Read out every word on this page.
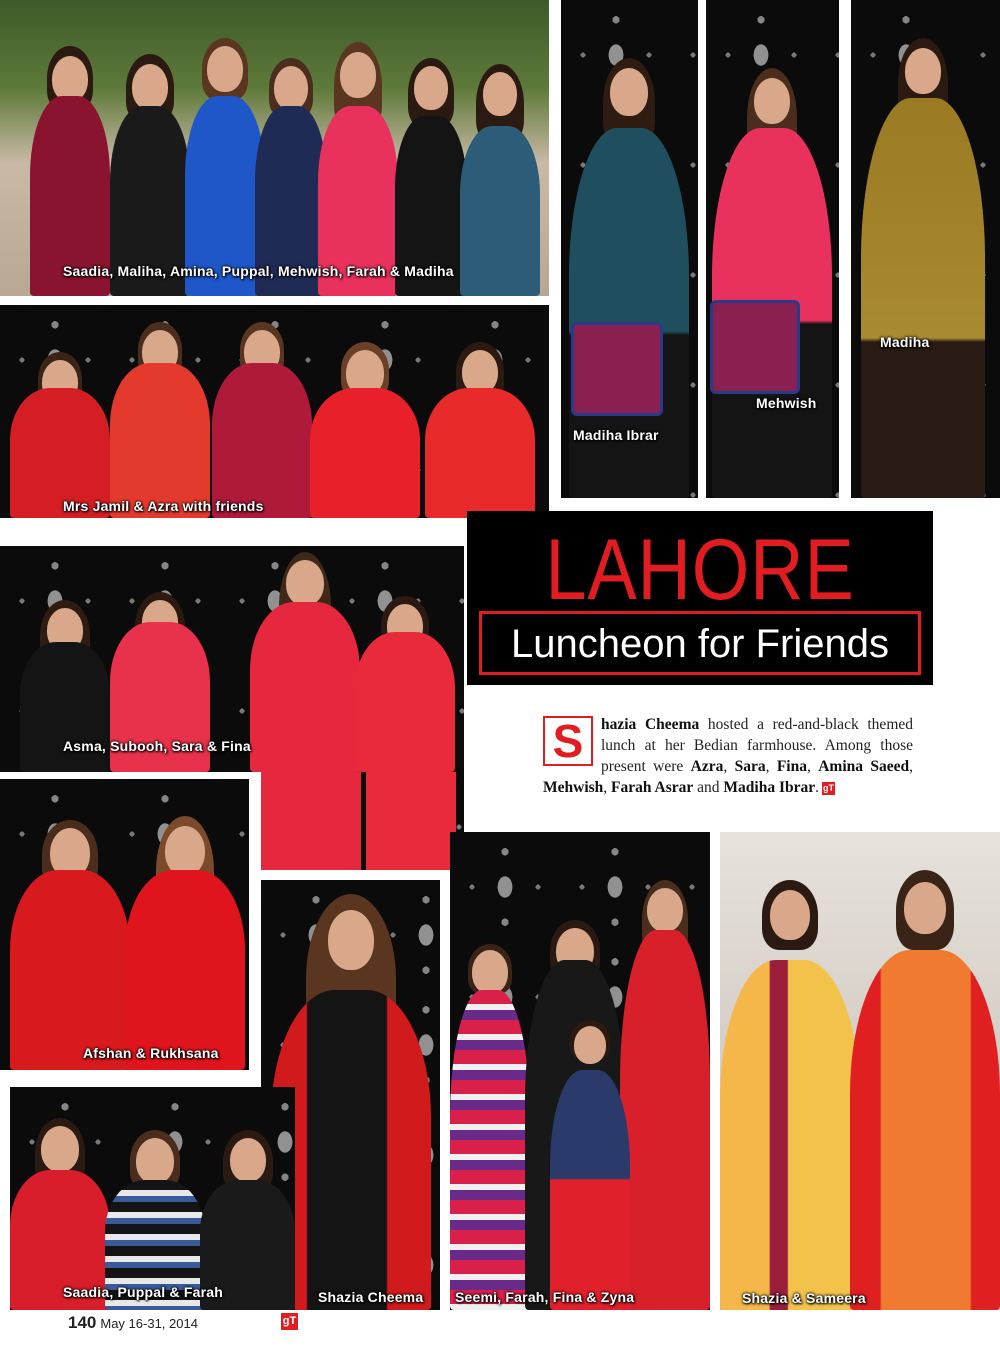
Saadia, Maliha, Amina, Puppal, Mehwish, Farah & Madiha
Mrs Jamil & Azra with friends
Madiha Ibrar
Mehwish
Madiha
LAHORE
Luncheon for Friends
Asma, Subooh, Sara & Fina	S	hazia Cheema hosted a red-and-black themed lunch at her Bedian farmhouse. Among those present were Azra, Sara, Fina, Amina Saeed, Mehwish, Farah Asrar and Madiha Ibrar. gT
Afshan & Rukhsana
Shazia Cheema Seemi, Farah, Fina & Zyna	Shazia & Sameera
Saadia, Puppal & Farah
140 May 16-31, 2014	gT
